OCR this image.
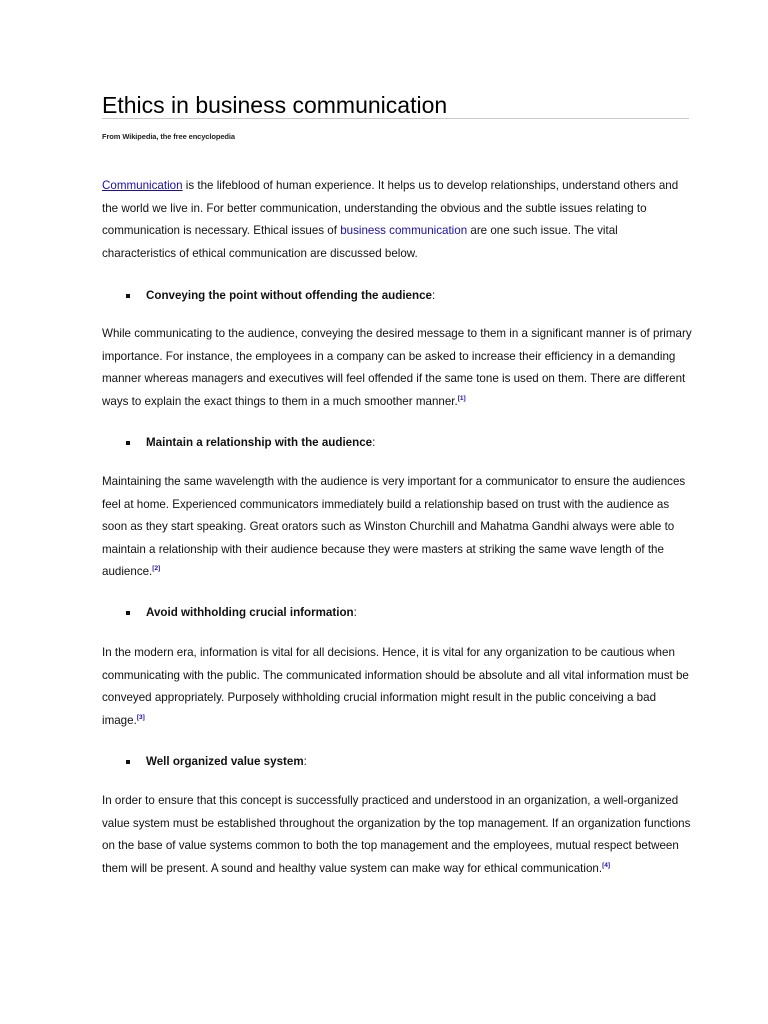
Ethics in business communication
From Wikipedia, the free encyclopedia

Communication is the lifeblood of human experience. It helps us to develop relationships, understand others and the world we live in. For better communication, understanding the obvious and the subtle issues relating to communication is necessary. Ethical issues of business communication are one such issue. The vital characteristics of ethical communication are discussed below.

Conveying the point without offending the audience:

While communicating to the audience, conveying the desired message to them in a significant manner is of primary importance. For instance, the employees in a company can be asked to increase their efficiency in a demanding manner whereas managers and executives will feel offended if the same tone is used on them. There are different ways to explain the exact things to them in a much smoother manner.[1]

Maintain a relationship with the audience:

Maintaining the same wavelength with the audience is very important for a communicator to ensure the audiences feel at home. Experienced communicators immediately build a relationship based on trust with the audience as soon as they start speaking. Great orators such as Winston Churchill and Mahatma Gandhi always were able to maintain a relationship with their audience because they were masters at striking the same wave length of the audience.[2]

Avoid withholding crucial information:

In the modern era, information is vital for all decisions. Hence, it is vital for any organization to be cautious when communicating with the public. The communicated information should be absolute and all vital information must be conveyed appropriately. Purposely withholding crucial information might result in the public conceiving a bad image.[3]

Well organized value system:

In order to ensure that this concept is successfully practiced and understood in an organization, a well-organized value system must be established throughout the organization by the top management. If an organization functions on the base of value systems common to both the top management and the employees, mutual respect between them will be present. A sound and healthy value system can make way for ethical communication.[4]
